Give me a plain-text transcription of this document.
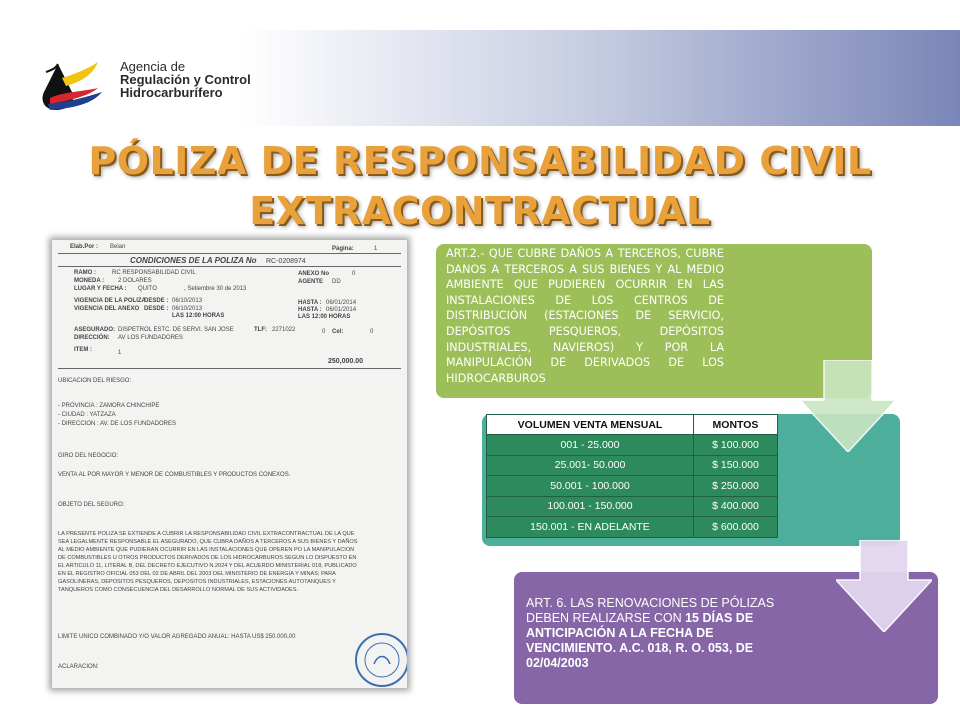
Agencia de
Regulación y Control
Hidrocarburífero
PÓLIZA DE RESPONSABILIDAD CIVIL
EXTRACONTRACTUAL
Elab.Por : Belan	Página:	1
CONDICIONES DE LA POLIZA No RC-0208974
RAMO :	RC RESPONSABILIDAD CIVIL	ANEXO No	0
MONEDA : 2 DOLARES	AGENTE DD
LUGAR Y FECHA : QUITO	, Setiembre 30 de 2013
VIGENCIA DE LA POLIZA
DESDE : 06/10/2013	HASTA : 06/01/2014
VIGENCIA DEL ANEXO DESDE : 06/10/2013	HASTA : 06/01/2014
LAS 12:00 HORAS	LAS 12:00 HORAS
ASEGURADO: DISPETROL ESTC. DE SERVI. SAN JOSE	TLF: 2271022	0 Cel:	0
DIRECCIÓN: AV LOS FUNDADORES
ITEM :	1
250,000.00
UBICACION DEL RIESGO:
- PROVINCIA : ZAMORA CHINCHIPE
- CIUDAD : YATZAZA
- DIRECCION : AV. DE LOS FUNDADORES
GIRO DEL NEGOCIO:
VENTA AL POR MAYOR Y MENOR DE COMBUSTIBLES Y PRODUCTOS CONEXOS.
OBJETO DEL SEGURO:
LA PRESENTE POLIZA SE EXTIENDE A CUBRIR LA RESPONSABILIDAD CIVIL EXTRACONTRACTUAL DE LA QUE SEA LEGALMENTE RESPONSABLE EL ASEGURADO, QUE CUBRA DAÑOS A TERCEROS A SUS BIENES Y DAÑOS AL MEDIO AMBIENTE QUE PUDIERAN OCURRIR EN LAS INSTALACIONES QUE OPEREN PO LA MANIPULACION DE COMBUSTIBLES U OTROS PRODUCTOS DERIVADOS DE LOS HIDROCARBUROS SEGUN LO DISPUESTO EN EL ARTICULO 11, LITERAL B, DEL DECRETO EJECUTIVO N.2024 Y DEL ACUERDO MINISTERIAL 018, PUBLICADO EN EL REGISTRO OFICIAL 053 DEL 02 DE ABRIL DEL 2003 DEL MINISTERIO DE ENERGIA Y MINAS; PARA GASOLINERAS, DEPOSITOS PESQUEROS, DEPOSITOS INDUSTRIALES, ESTACIONES AUTOTANQUES Y TANQUEROS COMO CONSECUENCIA DEL DESARROLLO NORMAL DE SUS ACTIVIDADES.
LIMITE UNICO COMBINADO Y/O VALOR AGREGADO ANUAL: HASTA US$ 250.000,00
ACLARACION:
ART.2.- QUE CUBRE DAÑOS A TERCEROS, CUBRE DANOS A TERCEROS A SUS BIENES Y AL MEDIO AMBIENTE QUE PUDIEREN OCURRIR EN LAS INSTALACIONES DE LOS CENTROS DE DISTRIBUCIÓN (ESTACIONES DE SERVICIO, DEPÓSITOS PESQUEROS, DEPÓSITOS INDUSTRIALES, NAVIEROS) Y POR LA MANIPULACIÓN DE DERIVADOS DE LOS HIDROCARBUROS
VOLUMEN VENTA MENSUAL	MONTOS
001 - 25.000	$ 100.000
25.001- 50.000	$ 150.000
50.001 - 100.000	$ 250.000
100.001 - 150.000	$ 400.000
150.001 - EN ADELANTE	$ 600.000
ART. 6. LAS RENOVACIONES DE PÓLIZAS DEBEN REALIZARSE CON 15 DÍAS DE ANTICIPACIÓN A LA FECHA DE VENCIMIENTO. A.C. 018, R. O. 053, DE 02/04/2003
